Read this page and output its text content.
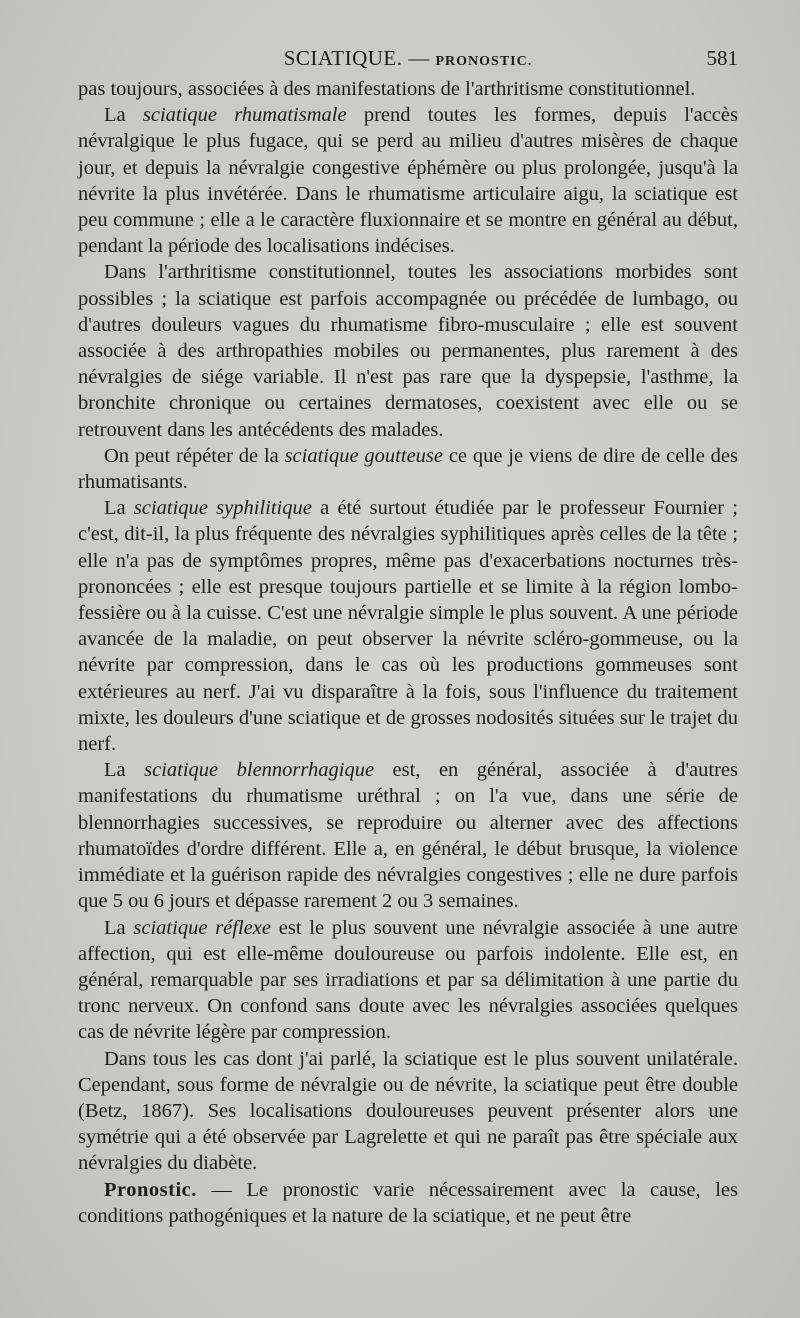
SCIATIQUE. — PRONOSTIC.	581

pas toujours, associées à des manifestations de l'arthritisme constitutionnel.

La sciatique rhumatismale prend toutes les formes, depuis l'accès névralgique le plus fugace, qui se perd au milieu d'autres misères de chaque jour, et depuis la névralgie congestive éphémère ou plus prolongée, jusqu'à la névrite la plus invétérée. Dans le rhumatisme articulaire aigu, la sciatique est peu commune ; elle a le caractère fluxionnaire et se montre en général au début, pendant la période des localisations indécises.

Dans l'arthritisme constitutionnel, toutes les associations morbides sont possibles ; la sciatique est parfois accompagnée ou précédée de lumbago, ou d'autres douleurs vagues du rhumatisme fibro-musculaire ; elle est souvent associée à des arthropathies mobiles ou permanentes, plus rarement à des névralgies de siége variable. Il n'est pas rare que la dyspepsie, l'asthme, la bronchite chronique ou certaines dermatoses, coexistent avec elle ou se retrouvent dans les antécédents des malades.

On peut répéter de la sciatique goutteuse ce que je viens de dire de celle des rhumatisants.

La sciatique syphilitique a été surtout étudiée par le professeur Fournier ; c'est, dit-il, la plus fréquente des névralgies syphilitiques après celles de la tête ; elle n'a pas de symptômes propres, même pas d'exacerbations nocturnes très-prononcées ; elle est presque toujours partielle et se limite à la région lombo-fessière ou à la cuisse. C'est une névralgie simple le plus souvent. A une période avancée de la maladie, on peut observer la névrite scléro-gommeuse, ou la névrite par compression, dans le cas où les productions gommeuses sont extérieures au nerf. J'ai vu disparaître à la fois, sous l'influence du traitement mixte, les douleurs d'une sciatique et de grosses nodosités situées sur le trajet du nerf.

La sciatique blennorrhagique est, en général, associée à d'autres manifestations du rhumatisme uréthral ; on l'a vue, dans une série de blennorrhagies successives, se reproduire ou alterner avec des affections rhumatoïdes d'ordre différent. Elle a, en général, le début brusque, la violence immédiate et la guérison rapide des névralgies congestives ; elle ne dure parfois que 5 ou 6 jours et dépasse rarement 2 ou 3 semaines.

La sciatique réflexe est le plus souvent une névralgie associée à une autre affection, qui est elle-même douloureuse ou parfois indolente. Elle est, en général, remarquable par ses irradiations et par sa délimitation à une partie du tronc nerveux. On confond sans doute avec les névralgies associées quelques cas de névrite légère par compression.

Dans tous les cas dont j'ai parlé, la sciatique est le plus souvent unilatérale. Cependant, sous forme de névralgie ou de névrite, la sciatique peut être double (Betz, 1867). Ses localisations douloureuses peuvent présenter alors une symétrie qui a été observée par Lagrelette et qui ne paraît pas être spéciale aux névralgies du diabète.

Pronostic. — Le pronostic varie nécessairement avec la cause, les conditions pathogéniques et la nature de la sciatique, et ne peut être
